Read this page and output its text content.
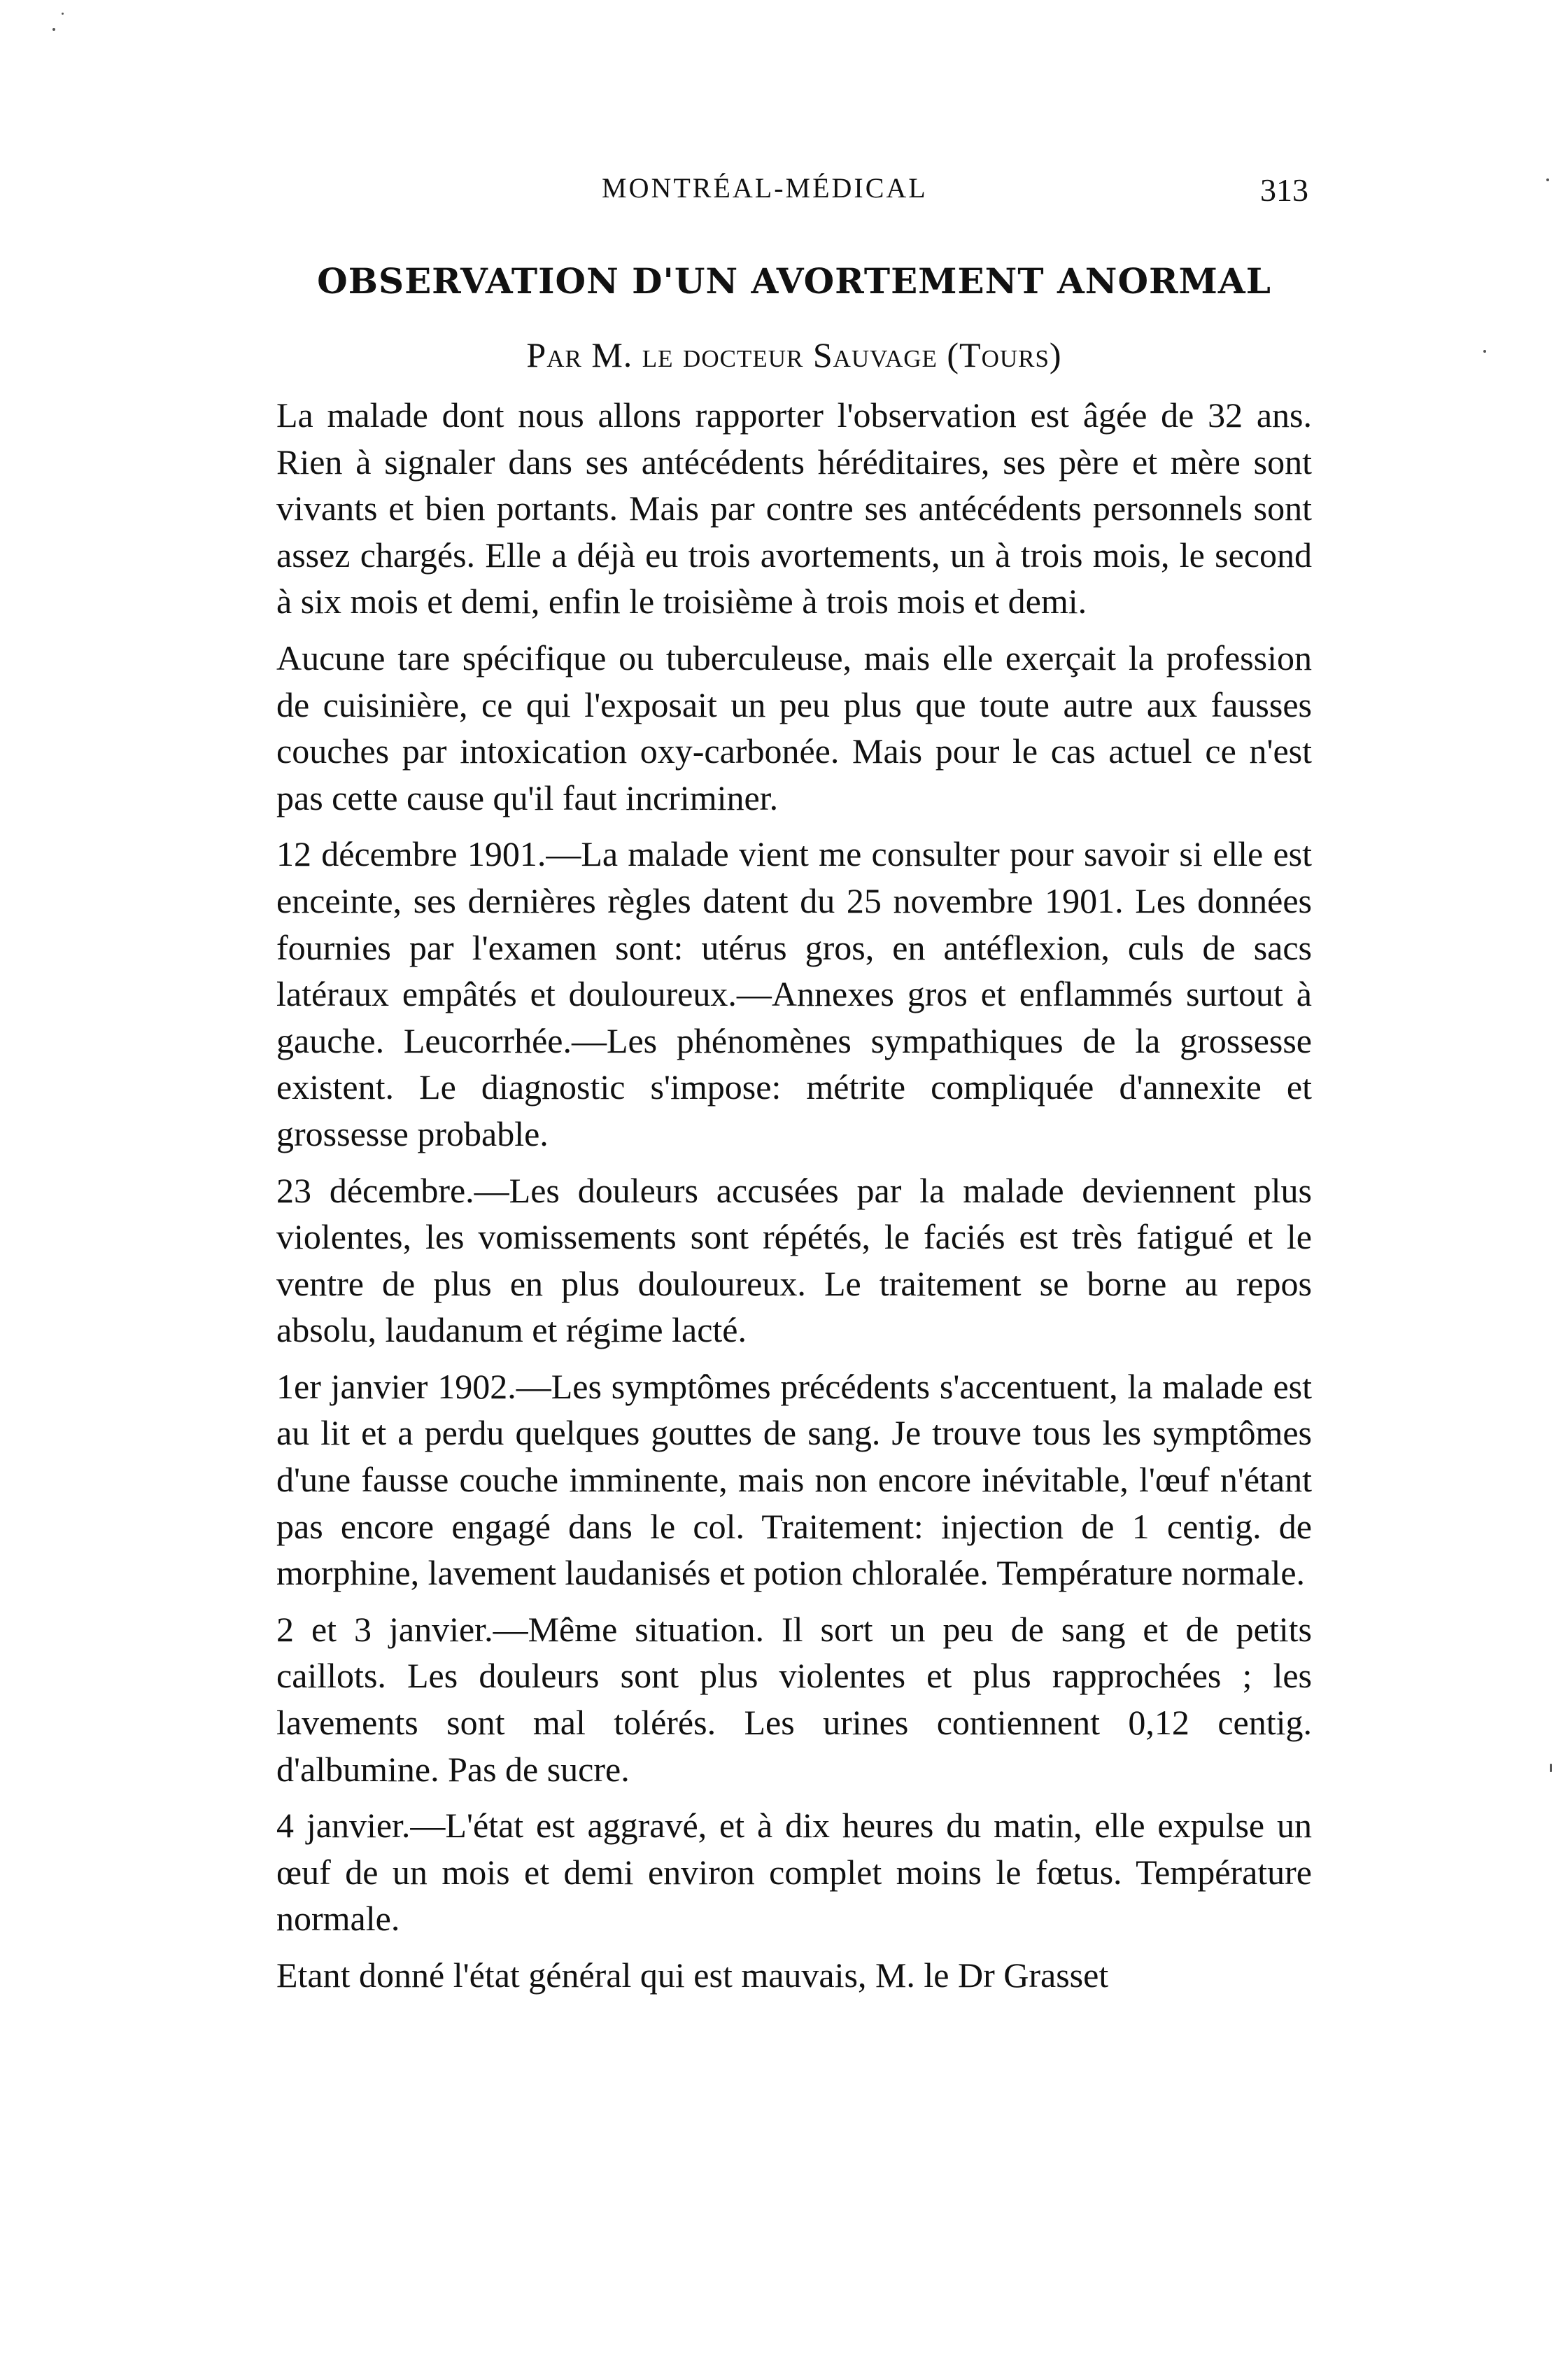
MONTRÉAL-MÉDICAL	313
OBSERVATION D'UN AVORTEMENT ANORMAL
Par M. le docteur Sauvage (Tours)

La malade dont nous allons rapporter l'observation est âgée de 32 ans. Rien à signaler dans ses antécédents héréditaires, ses père et mère sont vivants et bien portants. Mais par contre ses antécédents personnels sont assez chargés. Elle a déjà eu trois avortements, un à trois mois, le second à six mois et demi, enfin le troisième à trois mois et demi.

Aucune tare spécifique ou tuberculeuse, mais elle exerçait la profession de cuisinière, ce qui l'exposait un peu plus que toute autre aux fausses couches par intoxication oxy-carbonée. Mais pour le cas actuel ce n'est pas cette cause qu'il faut incriminer.

12 décembre 1901.—La malade vient me consulter pour savoir si elle est enceinte, ses dernières règles datent du 25 novembre 1901. Les données fournies par l'examen sont: utérus gros, en antéflexion, culs de sacs latéraux empâtés et douloureux.—Annexes gros et enflammés surtout à gauche. Leucorrhée.—Les phénomènes sympathiques de la grossesse existent. Le diagnostic s'impose: métrite compliquée d'annexite et grossesse probable.

23 décembre.—Les douleurs accusées par la malade deviennent plus violentes, les vomissements sont répétés, le faciés est très fatigué et le ventre de plus en plus douloureux. Le traitement se borne au repos absolu, laudanum et régime lacté.

1er janvier 1902.—Les symptômes précédents s'accentuent, la malade est au lit et a perdu quelques gouttes de sang. Je trouve tous les symptômes d'une fausse couche imminente, mais non encore inévitable, l'œuf n'étant pas encore engagé dans le col. Traitement: injection de 1 centig. de morphine, lavement laudanisés et potion chloralée. Température normale.

2 et 3 janvier.—Même situation. Il sort un peu de sang et de petits caillots. Les douleurs sont plus violentes et plus rapprochées ; les lavements sont mal tolérés. Les urines contiennent 0,12 centig. d'albumine. Pas de sucre.

4 janvier.—L'état est aggravé, et à dix heures du matin, elle expulse un œuf de un mois et demi environ complet moins le fœtus. Température normale.

Etant donné l'état général qui est mauvais, M. le Dr Grasset
